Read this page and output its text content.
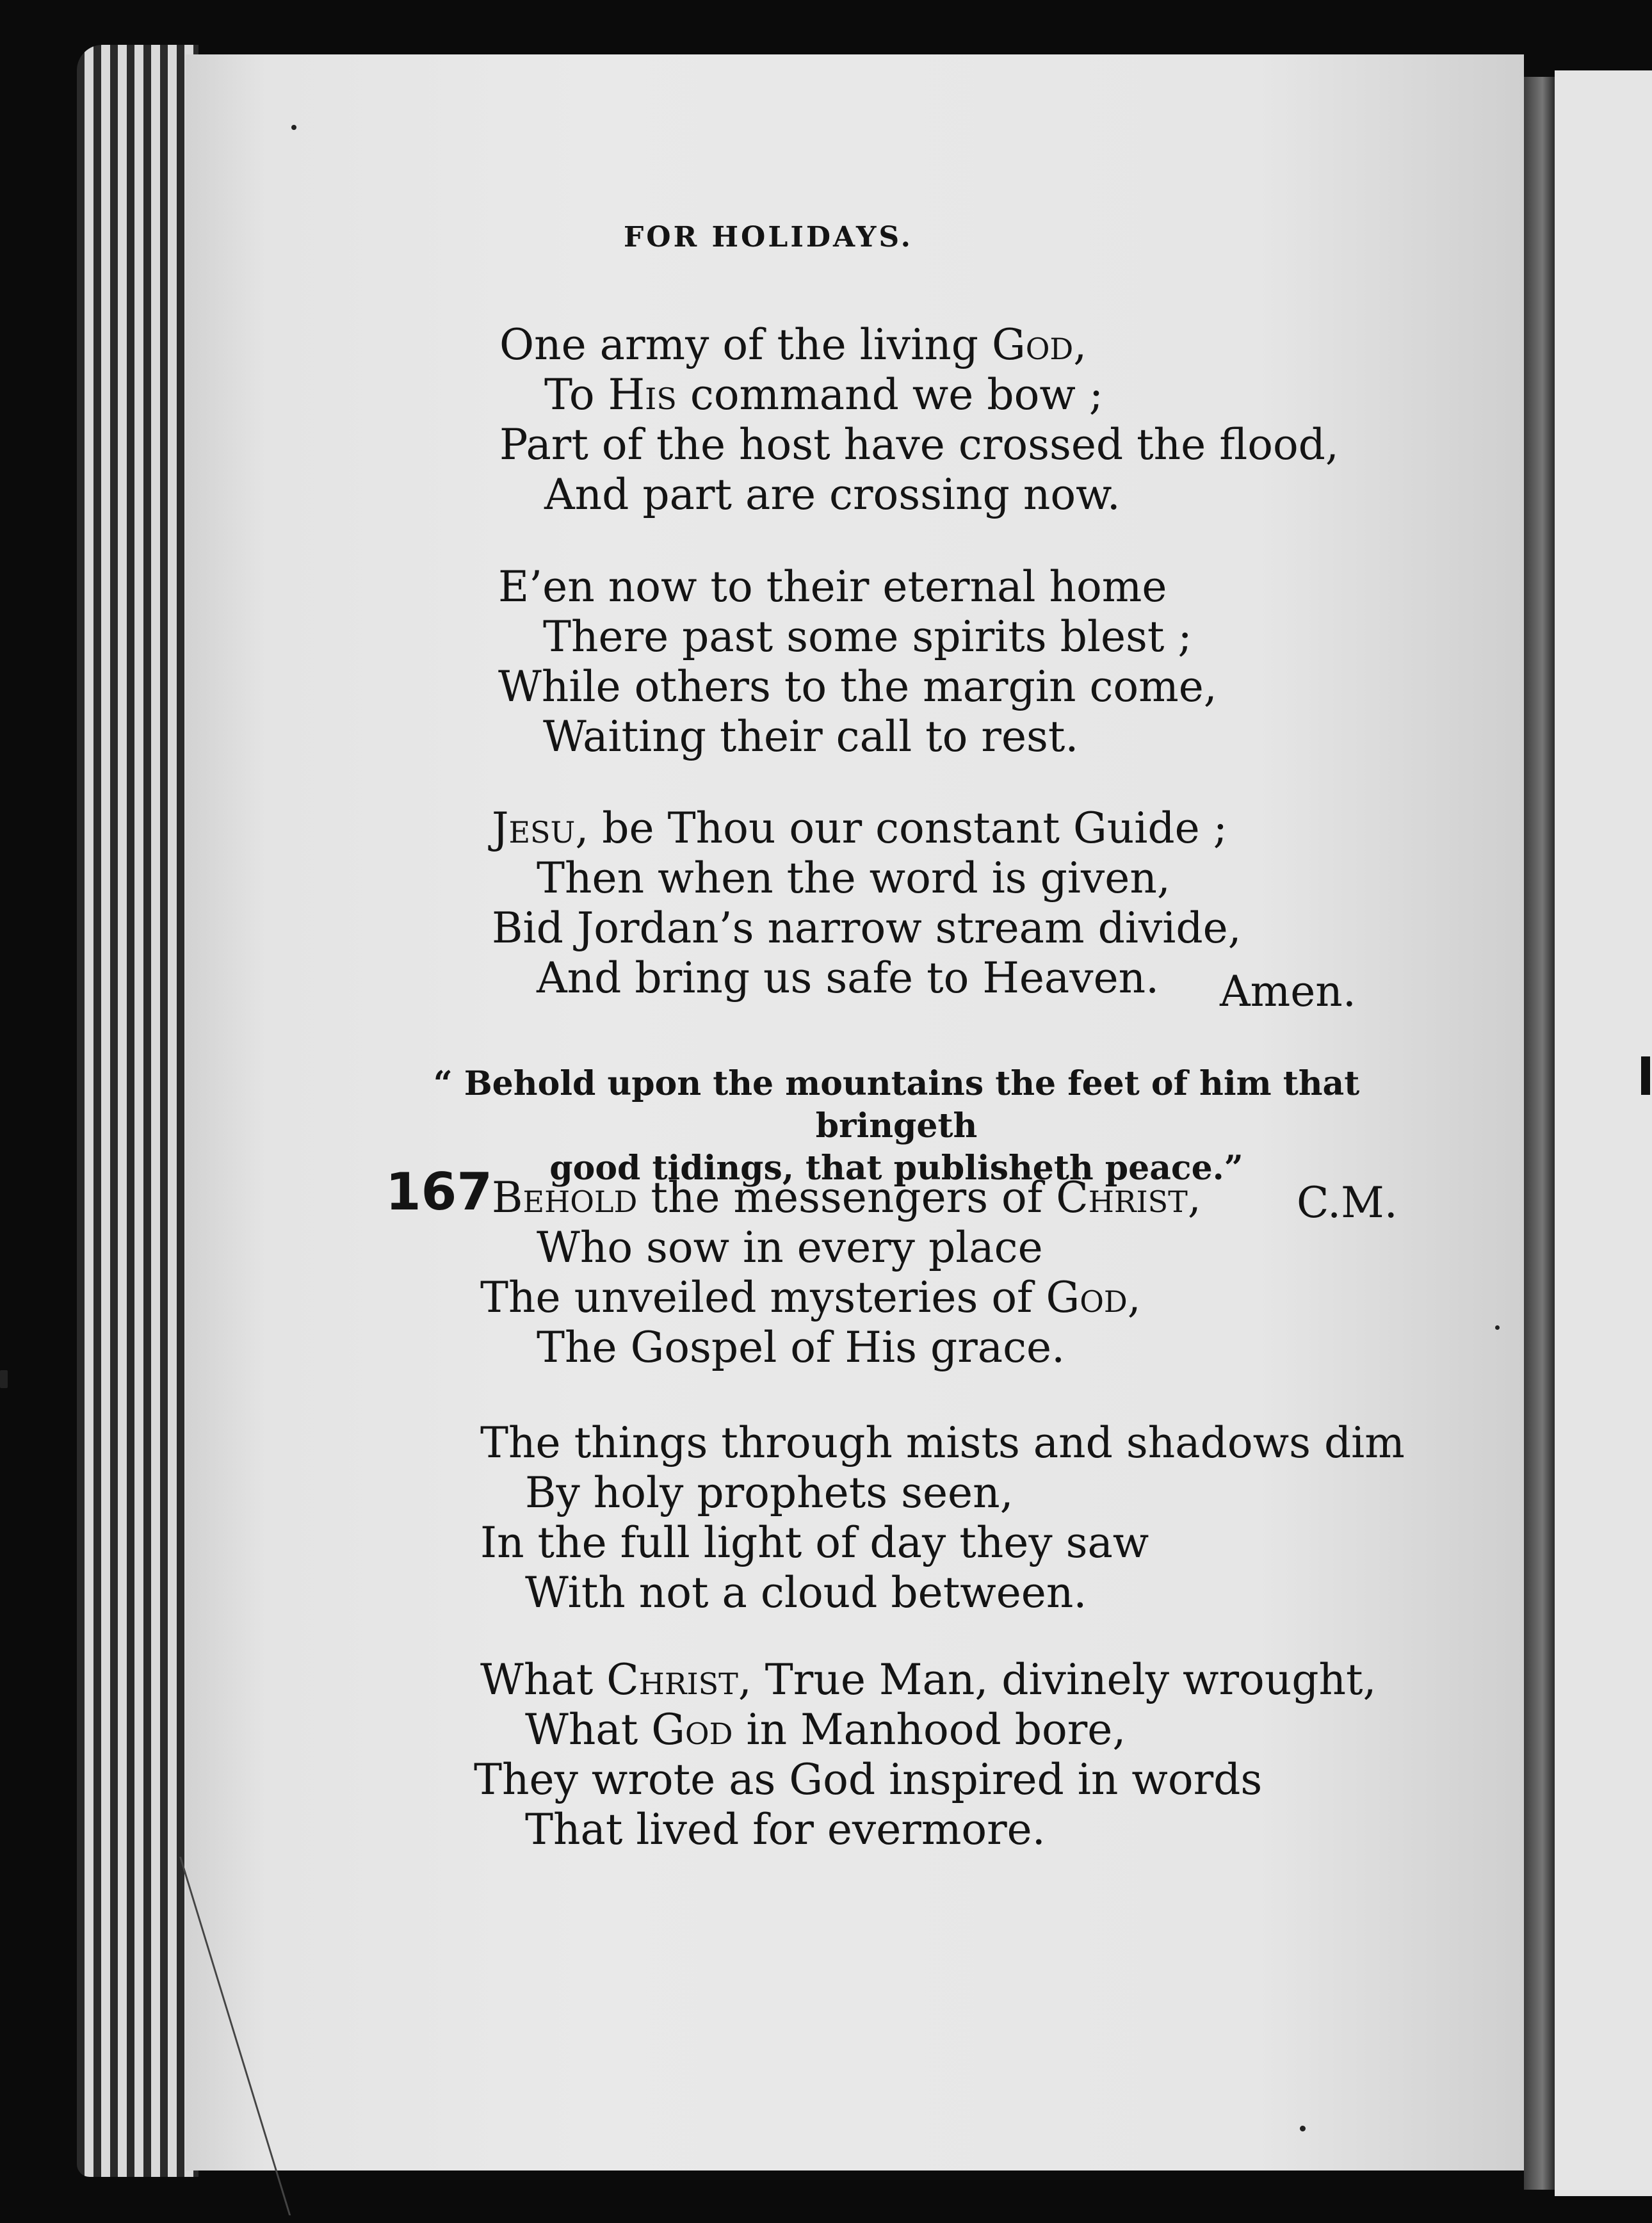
FOR HOLIDAYS.
One army of the living God,
To His command we bow ;
Part of the host have crossed the flood,
And part are crossing now.
E’en now to their eternal home
There past some spirits blest ;
While others to the margin come,
Waiting their call to rest.
Jesu, be Thou our constant Guide ;
Then when the word is given,
Bid Jordan’s narrow stream divide,
And bring us safe to Heaven.	Amen.
“ Behold upon the mountains the feet of him that bringeth
good tidings, that publisheth peace.”
167	C.M.
Behold the messengers of Christ,
Who sow in every place
The unveiled mysteries of God,
The Gospel of His grace.
The things through mists and shadows dim
By holy prophets seen,
In the full light of day they saw
With not a cloud between.
What Christ, True Man, divinely wrought,
What God in Manhood bore,
They wrote as God inspired in words
That lived for evermore.
